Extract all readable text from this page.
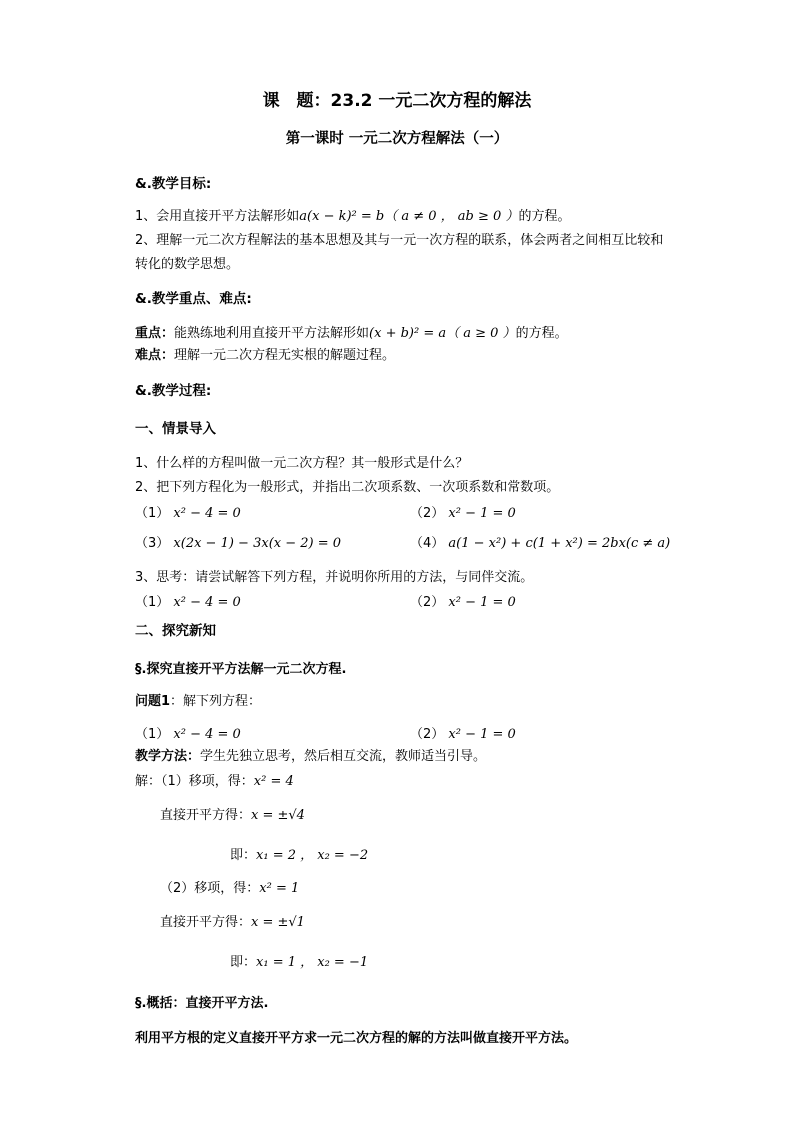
课　题：23.2 一元二次方程的解法
第一课时 一元二次方程解法（一）
&.教学目标:
1、会用直接开平方法解形如a(x − k)² = b（ a ≠ 0 ， ab ≥ 0 ）的方程。
2、理解一元二次方程解法的基本思想及其与一元一次方程的联系，体会两者之间相互比较和
转化的数学思想。
&.教学重点、难点:
重点：能熟练地利用直接开平方法解形如(x + b)² = a（ a ≥ 0 ）的方程。
难点：理解一元二次方程无实根的解题过程。
&.教学过程:
一、情景导入
1、什么样的方程叫做一元二次方程？其一般形式是什么？
2、把下列方程化为一般形式，并指出二次项系数、一次项系数和常数项。
（1） x² − 4 = 0	（2） x² − 1 = 0
（3） x(2x − 1) − 3x(x − 2) = 0	（4） a(1 − x²) + c(1 + x²) = 2bx(c ≠ a)
3、思考：请尝试解答下列方程，并说明你所用的方法，与同伴交流。
（1） x² − 4 = 0	（2） x² − 1 = 0
二、探究新知
§.探究直接开平方法解一元二次方程.
问题1：解下列方程：
（1） x² − 4 = 0	（2） x² − 1 = 0
教学方法：学生先独立思考，然后相互交流，教师适当引导。
解：（1）移项，得：x² = 4
直接开平方得：x = ±√4
即：x₁ = 2 ， x₂ = −2
（2）移项，得：x² = 1
直接开平方得：x = ±√1
即：x₁ = 1 ， x₂ = −1
§.概括：直接开平方法.
利用平方根的定义直接开平方求一元二次方程的解的方法叫做直接开平方法。
